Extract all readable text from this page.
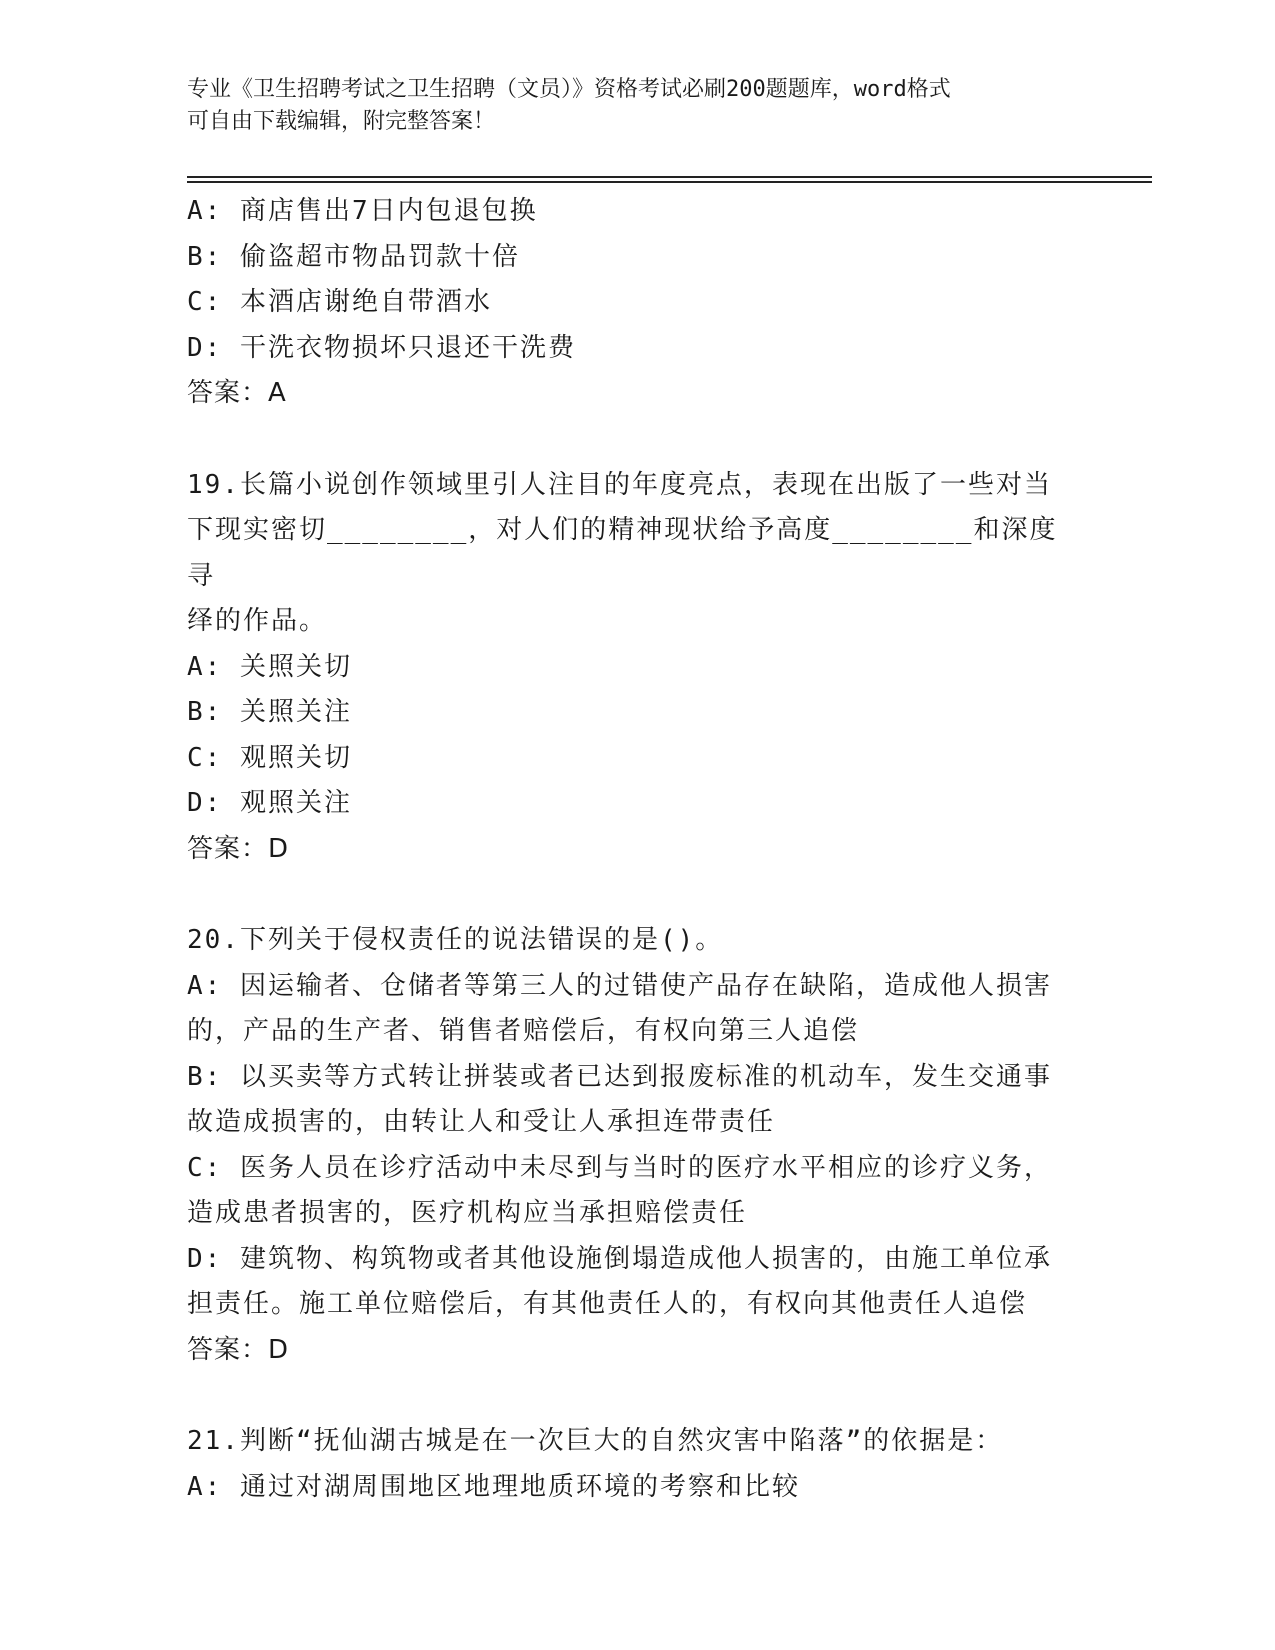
专业《卫生招聘考试之卫生招聘（文员）》资格考试必刷200题题库，word格式
可自由下载编辑，附完整答案！
A: 商店售出7日内包退包换
B: 偷盗超市物品罚款十倍
C: 本酒店谢绝自带酒水
D: 干洗衣物损坏只退还干洗费
答案：A
19.长篇小说创作领域里引人注目的年度亮点，表现在出版了一些对当
下现实密切________，对人们的精神现状给予高度________和深度寻
绎的作品。
A: 关照关切
B: 关照关注
C: 观照关切
D: 观照关注
答案：D
20.下列关于侵权责任的说法错误的是()。
A: 因运输者、仓储者等第三人的过错使产品存在缺陷，造成他人损害
的，产品的生产者、销售者赔偿后，有权向第三人追偿
B: 以买卖等方式转让拼装或者已达到报废标准的机动车，发生交通事
故造成损害的，由转让人和受让人承担连带责任
C: 医务人员在诊疗活动中未尽到与当时的医疗水平相应的诊疗义务，
造成患者损害的，医疗机构应当承担赔偿责任
D: 建筑物、构筑物或者其他设施倒塌造成他人损害的，由施工单位承
担责任。施工单位赔偿后，有其他责任人的，有权向其他责任人追偿
答案：D
21.判断“抚仙湖古城是在一次巨大的自然灾害中陷落”的依据是：
A: 通过对湖周围地区地理地质环境的考察和比较
